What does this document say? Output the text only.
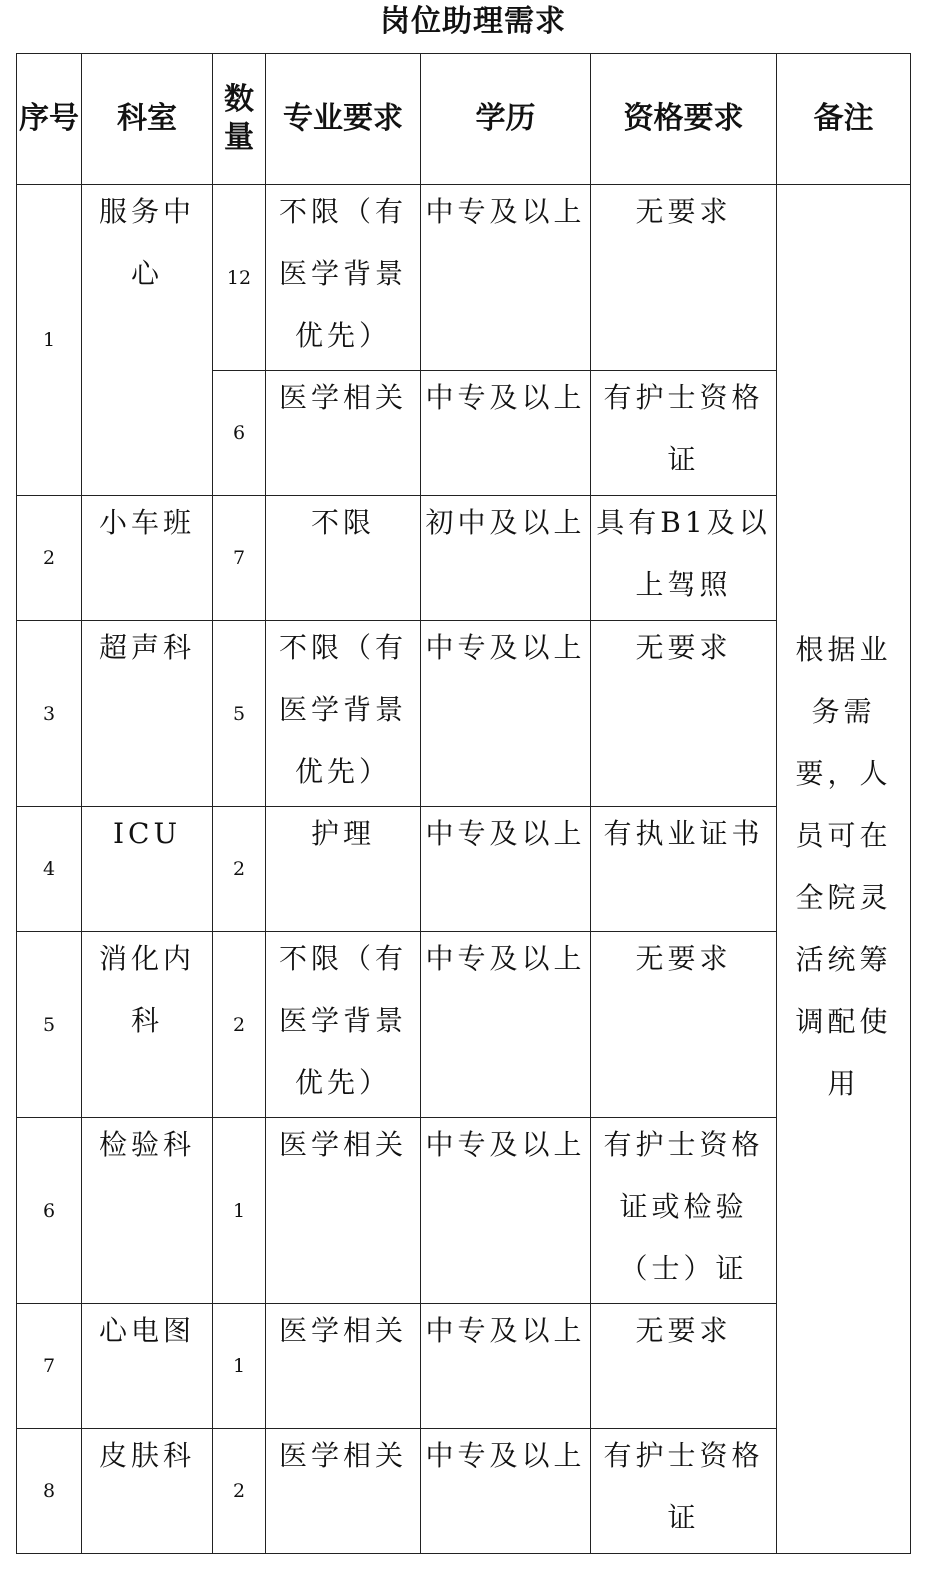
岗位助理需求
序号	科室	数量	专业要求	学历	资格要求	备注
1	服务中心	12	不限（有医学背景优先）	中专及以上	无要求	根据业务需要，人员可在全院灵活统筹调配使用

		6	医学相关	中专及以上	有护士资格证	

2	小车班	7	不限	初中及以上	具有B1及以上驾照	

3	超声科	5	不限（有医学背景优先）	中专及以上	无要求	

4	ICU	2	护理	中专及以上	有执业证书	

5	消化内科	2	不限（有医学背景优先）	中专及以上	无要求	

6	检验科	1	医学相关	中专及以上	有护士资格证或检验（士）证	

7	心电图	1	医学相关	中专及以上	无要求	

8	皮肤科	2	医学相关	中专及以上	有护士资格证	
